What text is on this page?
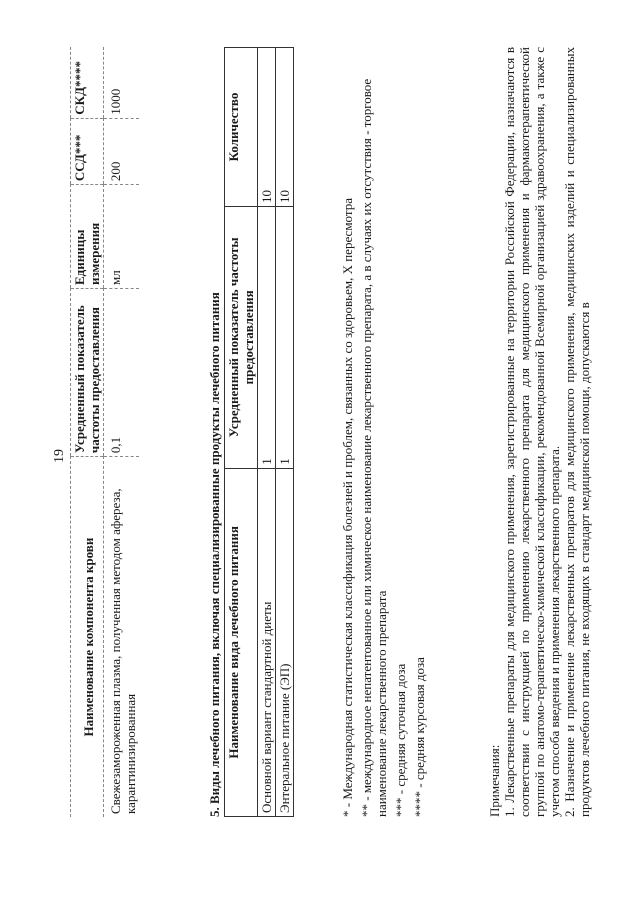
19
Наименование компонента крови	Усредненный показатель частоты предоставления	Единицы измерения	ССД***	СКД****
Свежезамороженная плазма, полученная методом афереза, карантинизированная	0,1	мл	200	1000
5. Виды лечебного питания, включая специализированные продукты лечебного питания Наименование вида лечебного питания	Усредненный показатель частоты предоставления	Количество
Основной вариант стандартной диеты	1	10
Энтеральное питание (ЭП)	1	10
* - Международная статистическая классификация болезней и проблем, связанных со здоровьем, X пересмотра ** - международное непатентованное или химическое наименование лекарственного препарата, а в случаях их отсутствия - торговое наименование лекарственного препарата *** - средняя суточная доза **** - средняя курсовая доза	Примечания: 1. Лекарственные препараты для медицинского применения, зарегистрированные на территории Российской Федерации, назначаются в соответствии с инструкцией по применению лекарственного препарата для медицинского применения и фармакотерапевтической группой по анатомо-терапевтическо-химической классификации, рекомендованной Всемирной организацией здравоохранения, а также с учетом способа введения и применения лекарственного препарата. 2. Назначение и применение лекарственных препаратов для медицинского применения, медицинских изделий и специализированных продуктов лечебного питания, не входящих в стандарт медицинской помощи, допускаются в
